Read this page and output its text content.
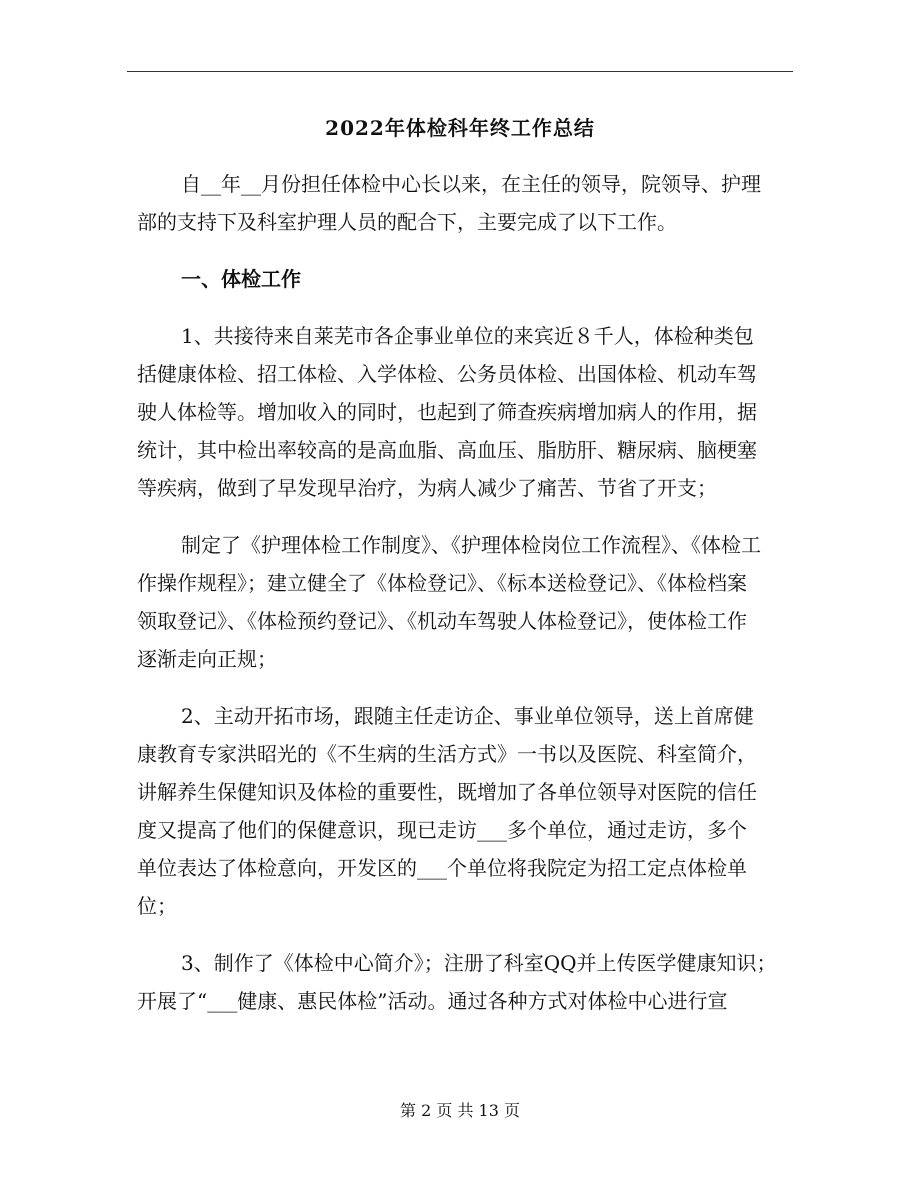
2022年体检科年终工作总结
自__年__月份担任体检中心长以来，在主任的领导，院领导、护理
部的支持下及科室护理人员的配合下，主要完成了以下工作。
一、体检工作
1、共接待来自莱芜市各企事业单位的来宾近８千人，体检种类包
括健康体检、招工体检、入学体检、公务员体检、出国体检、机动车驾
驶人体检等。增加收入的同时，也起到了筛查疾病增加病人的作用，据
统计，其中检出率较高的是高血脂、高血压、脂肪肝、糖尿病、脑梗塞
等疾病，做到了早发现早治疗，为病人减少了痛苦、节省了开支；
制定了《护理体检工作制度》、《护理体检岗位工作流程》、《体检工
作操作规程》；建立健全了《体检登记》、《标本送检登记》、《体检档案
领取登记》、《体检预约登记》、《机动车驾驶人体检登记》，使体检工作
逐渐走向正规；
2、主动开拓市场，跟随主任走访企、事业单位领导，送上首席健
康教育专家洪昭光的《不生病的生活方式》一书以及医院、科室简介，
讲解养生保健知识及体检的重要性，既增加了各单位领导对医院的信任
度又提高了他们的保健意识，现已走访___多个单位，通过走访，多个
单位表达了体检意向，开发区的___个单位将我院定为招工定点体检单
位；
3、制作了《体检中心简介》；注册了科室QQ并上传医学健康知识；
开展了“___健康、惠民体检”活动。通过各种方式对体检中心进行宣
第 2 页 共 13 页
